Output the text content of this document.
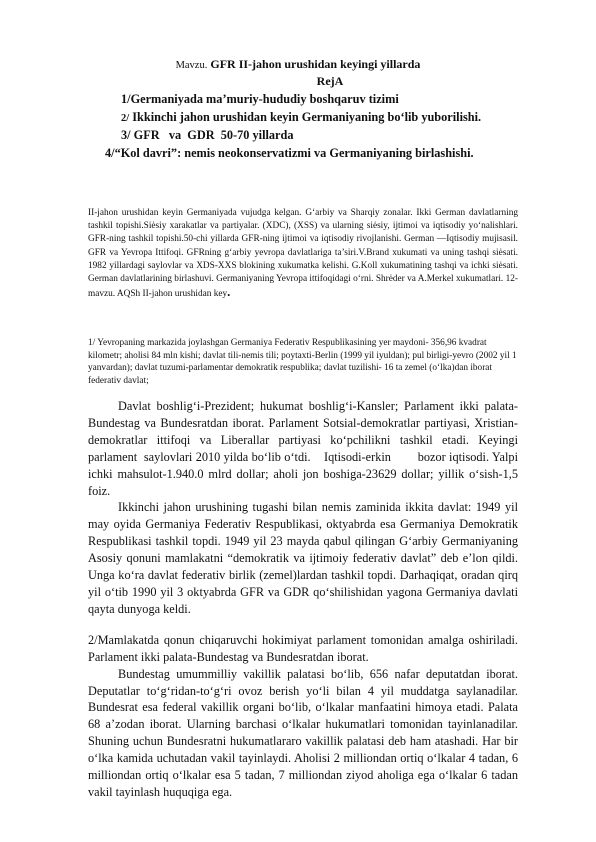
Mavzu. GFR II-jahon urushidan keyingi yillarda
RejA
1/Germaniyada ma’muriy-hududiy boshqaruv tizimi
2/ Ikkinchi jahon urushidan keyin Germaniyaning bo‘lib yuborilishi.
3/ GFR   va  GDR  50-70 yillarda
4/“Kol davri”: nemis neokonservatizmi va Germaniyaning birlashishi.
II-jahon urushidan keyin Germaniyada vujudga kelgan. G‘arbiy va Sharqiy zonalar. Ikki German davlatlarning tashkil topishi.Siėsiy xarakatlar va partiyalar. (XDC), (XSS) va ularning siėsiy, ijtimoi va iqtisodiy yo‘nalishlari. GFR-ning tashkil topishi.50-chi yillarda GFR-ning ijtimoi va iqtisodiy rivojlanishi. German —Iqtisodiy mujisasil. GFR va Yevropa Ittifoqi. GFRning g‘arbiy yevropa davlatlariga ta’siri.V.Brand xukumati va uning tashqi siėsati. 1982 yillardagi saylovlar va XDS-XXS blokining xukumatka kelishi. G.Koll xukumatining tashqi va ichki siėsati. German davlatlarining birlashuvi. Germaniyaning Yevropa ittifoqidagi o‘rni. Shrėder va A.Merkel xukumatlari. 12-mavzu. AQSh II-jahon urushidan key.
1/ Yevropaning markazida joylashgan Germaniya Federativ Respublikasining yer maydoni- 356,96 kvadrat kilometr; aholisi 84 mln kishi; davlat tili-nemis tili; poytaxti-Berlin (1999 yil iyuldan); pul birligi-yevro (2002 yil 1 yanvardan); davlat tuzumi-parlamentar demokratik respublika; davlat tuzilishi- 16 ta zemel (o‘lka)dan iborat federativ davlat;

Davlat boshlig‘i-Prezident; hukumat boshlig‘i-Kansler; Parlament ikki palata-Bundestag va Bundesratdan iborat. Parlament Sotsial-demokratlar partiyasi, Xristian-demokratlar ittifoqi va Liberallar partiyasi ko‘pchilikni tashkil etadi. Keyingi parlament  saylovlari 2010 yilda bo‘lib o‘tdi.    Iqtisodi-erkin        bozor iqtisodi. Yalpi ichki mahsulot-1.940.0 mlrd dollar; aholi jon boshiga-23629 dollar; yillik o‘sish-1,5 foiz.

Ikkinchi jahon urushining tugashi bilan nemis zaminida ikkita davlat: 1949 yil may oyida Germaniya Federativ Respublikasi, oktyabrda esa Germaniya Demokratik Respublikasi tashkil topdi. 1949 yil 23 mayda qabul qilingan G‘arbiy Germaniyaning Asosiy qonuni mamlakatni “demokratik va ijtimoiy federativ davlat” deb e’lon qildi. Unga ko‘ra davlat federativ birlik (zemel)lardan tashkil topdi. Darhaqiqat, oradan qirq yil o‘tib 1990 yil 3 oktyabrda GFR va GDR qo‘shilishidan yagona Germaniya davlati qayta dunyoga keldi.

2/Mamlakatda qonun chiqaruvchi hokimiyat parlament tomonidan amalga oshiriladi. Parlament ikki palata-Bundestag va Bundesratdan iborat.

Bundestag umummilliy vakillik palatasi bo‘lib, 656 nafar deputatdan iborat. Deputatlar to‘g‘ridan-to‘g‘ri ovoz berish yo‘li bilan 4 yil muddatga saylanadilar. Bundesrat esa federal vakillik organi bo‘lib, o‘lkalar manfaatini himoya etadi. Palata 68 a’zodan iborat. Ularning barchasi o‘lkalar hukumatlari tomonidan tayinlanadilar. Shuning uchun Bundesratni hukumatlararo vakillik palatasi deb ham atashadi. Har bir o‘lka kamida uchutadan vakil tayinlaydi. Aholisi 2 milliondan ortiq o‘lkalar 4 tadan, 6 milliondan ortiq o‘lkalar esa 5 tadan, 7 milliondan ziyod aholiga ega o‘lkalar 6 tadan vakil tayinlash huquqiga ega.
